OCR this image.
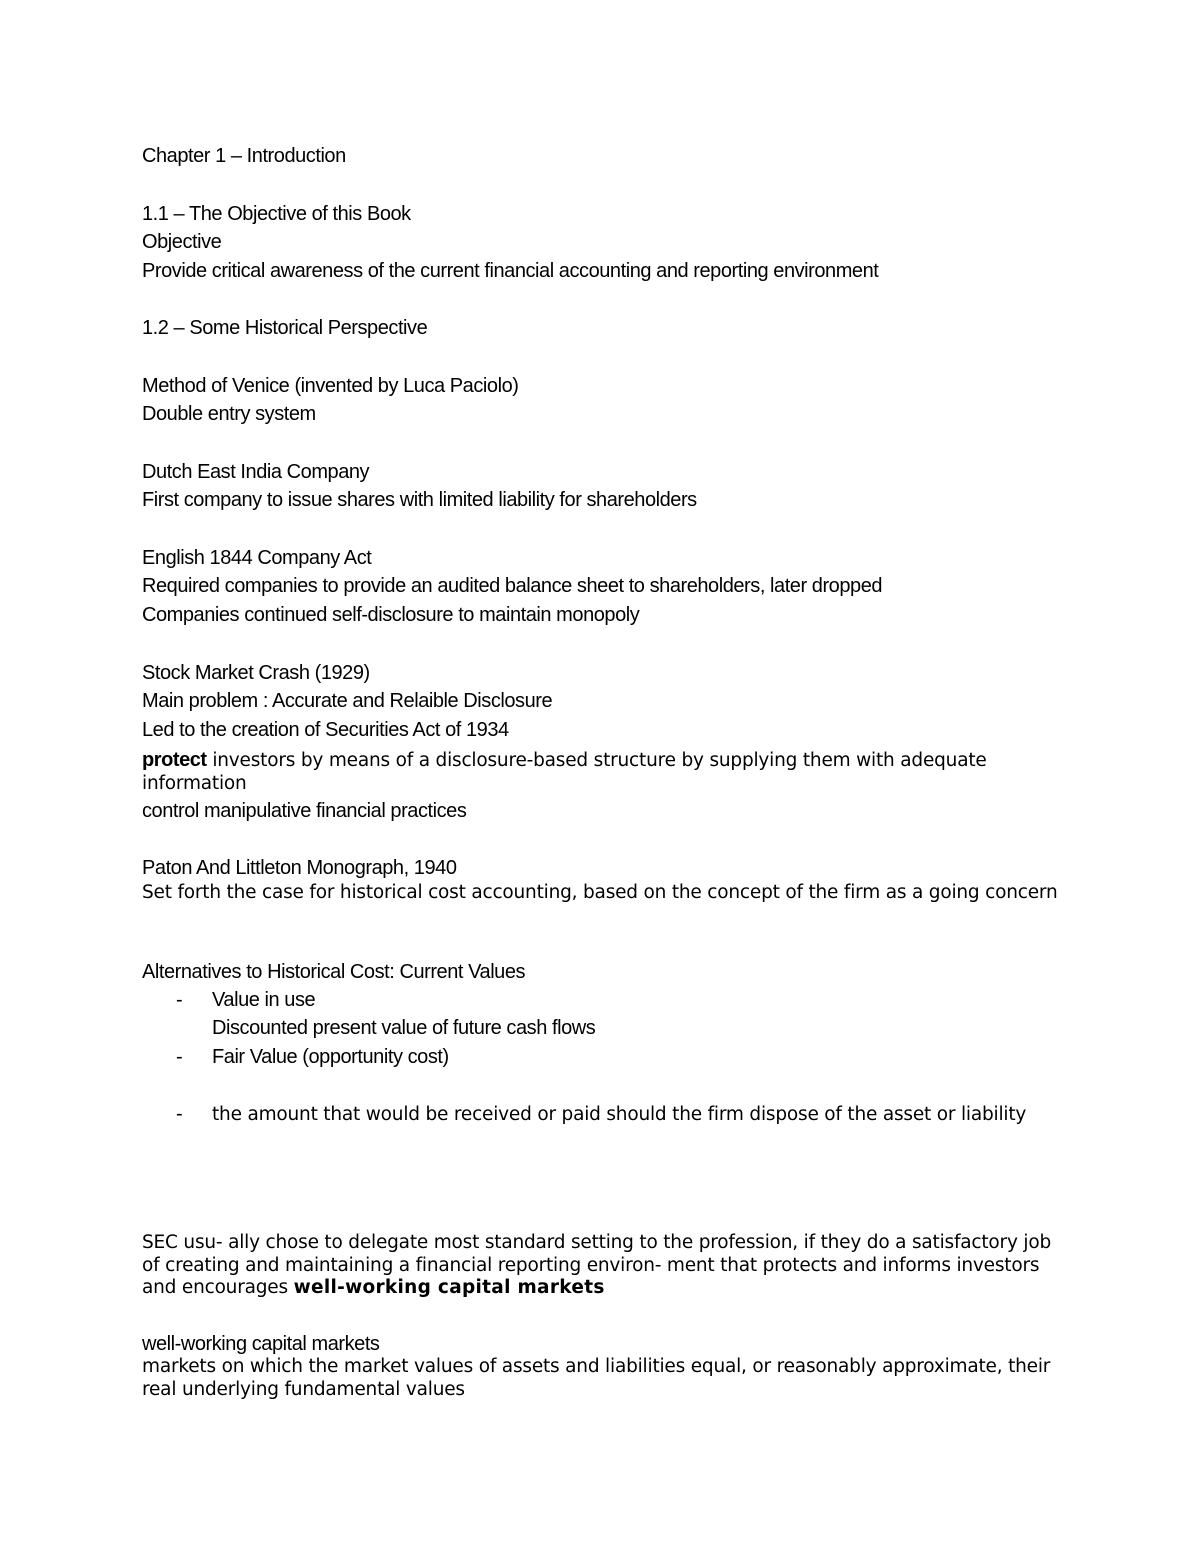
Chapter 1 – Introduction

1.1 – The Objective of this Book

Objective

Provide critical awareness of the current financial accounting and reporting environment

1.2 – Some Historical Perspective

Method of Venice (invented by Luca Paciolo)

Double entry system

Dutch East India Company

First company to issue shares with limited liability for shareholders

English 1844 Company Act

Required companies to provide an audited balance sheet to shareholders, later dropped

Companies continued self-disclosure to maintain monopoly

Stock Market Crash (1929)

Main problem : Accurate and Relaible Disclosure

Led to the creation of Securities Act of 1934

protect investors by means of a disclosure-based structure by supplying them with adequate information

control manipulative financial practices

Paton And Littleton Monograph, 1940

Set forth the case for historical cost accounting, based on the concept of the firm as a going concern

Alternatives to Historical Cost: Current Values

- Value in use

Discounted present value of future cash flows

- Fair Value (opportunity cost)

- the amount that would be received or paid should the firm dispose of the asset or liability

SEC usu- ally chose to delegate most standard setting to the profession, if they do a satisfactory job of creating and maintaining a financial reporting environ- ment that protects and informs investors and encourages well-working capital markets

well-working capital markets

markets on which the market values of assets and liabilities equal, or reasonably approximate, their real underlying fundamental values
